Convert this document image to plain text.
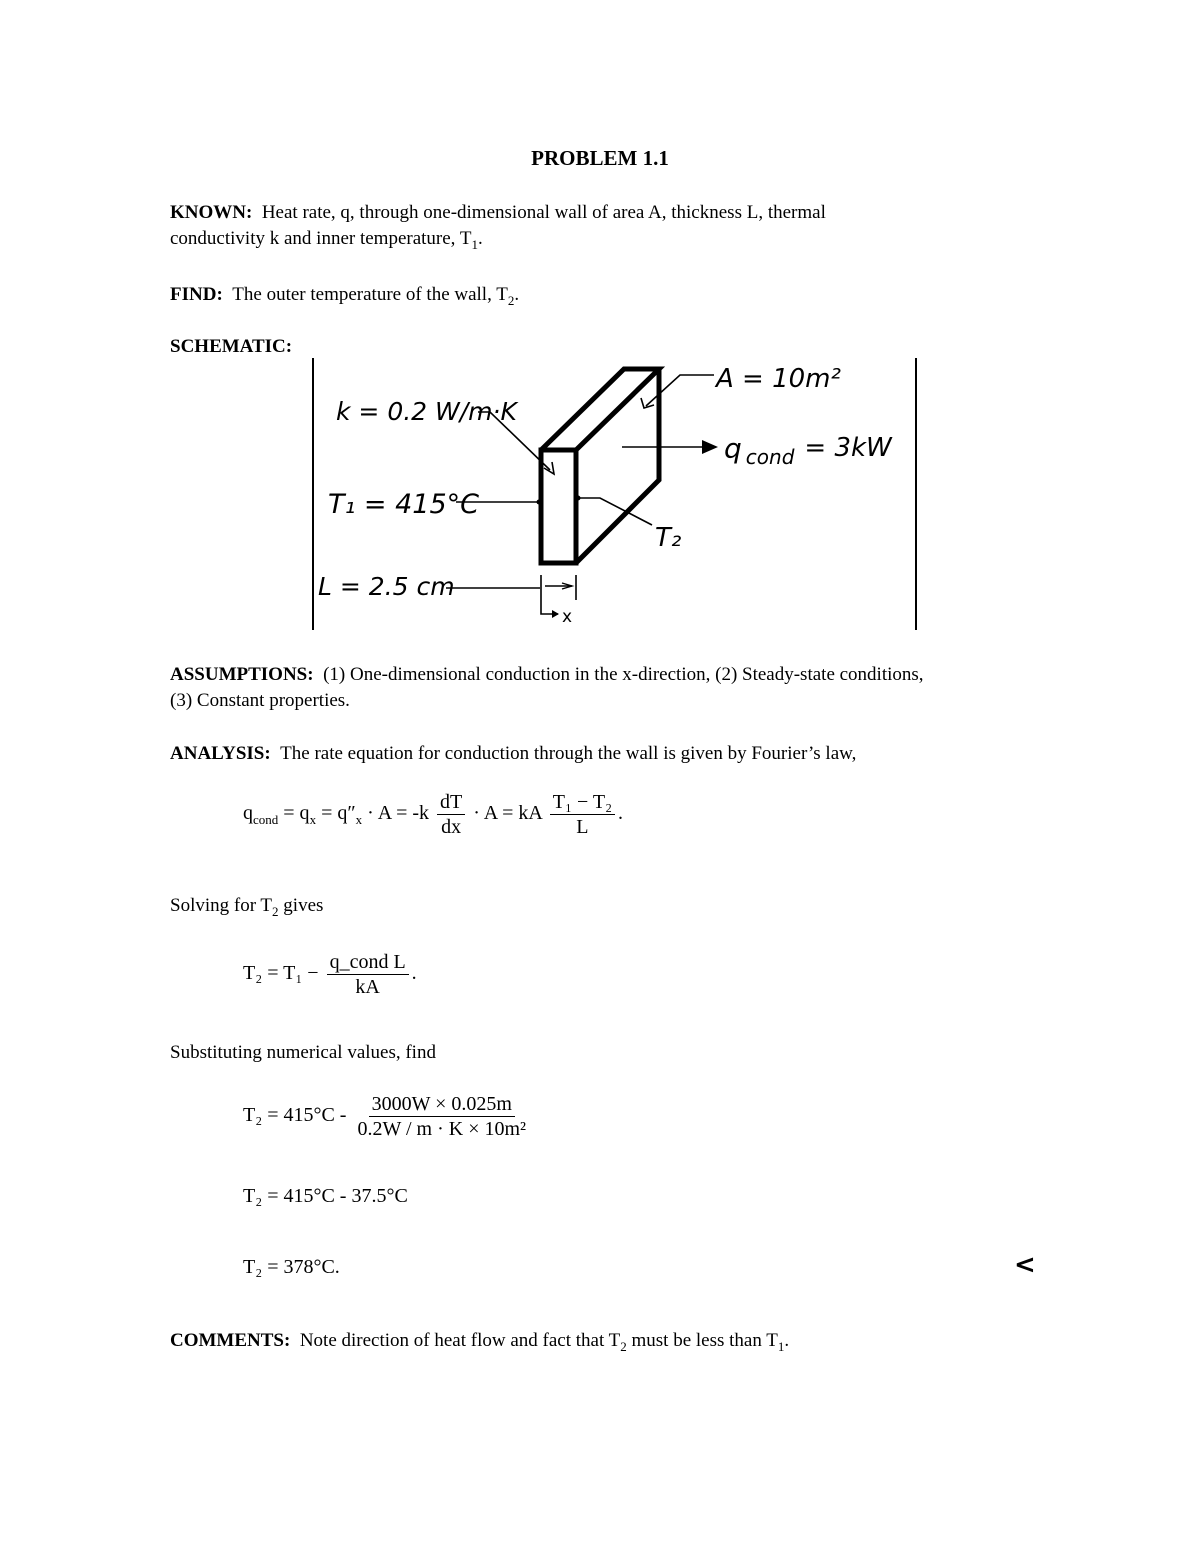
PROBLEM 1.1
KNOWN: Heat rate, q, through one-dimensional wall of area A, thickness L, thermal
conductivity k and inner temperature, $T_1$.
FIND: The outer temperature of the wall, $T_2$.
SCHEMATIC:
k = 0.2 W/m·K
T₁ = 415°C
L = 2.5 cm
x
A = 10m²
q $_{cond}$ = 3kW
T₂
ASSUMPTIONS: (1) One-dimensional conduction in the x-direction, (2) Steady-state conditions,
(3) Constant properties.
ANALYSIS: The rate equation for conduction through the wall is given by Fourier’s law,
$q_{cond} = q_x = q''_x \cdot A = -k \frac{dT}{dx} \cdot A$ = kA $\frac{\text{T₁ − T₂}}{L}$ .
Solving for $T_2$ gives
$T_2 = T_1 - \frac{\text{q\_cond L}}{kA}$ .
Substituting numerical values, find
$T_2 = 415^\circ C - \frac{3000W \times 0.025m}{\text{0.2W / m · K × 10m²}}$
T₂ = 415°C - 37.5°C
T₂ = 378°C.	<
COMMENTS: Note direction of heat flow and fact that $T_2$ must be less than $T_1$.
